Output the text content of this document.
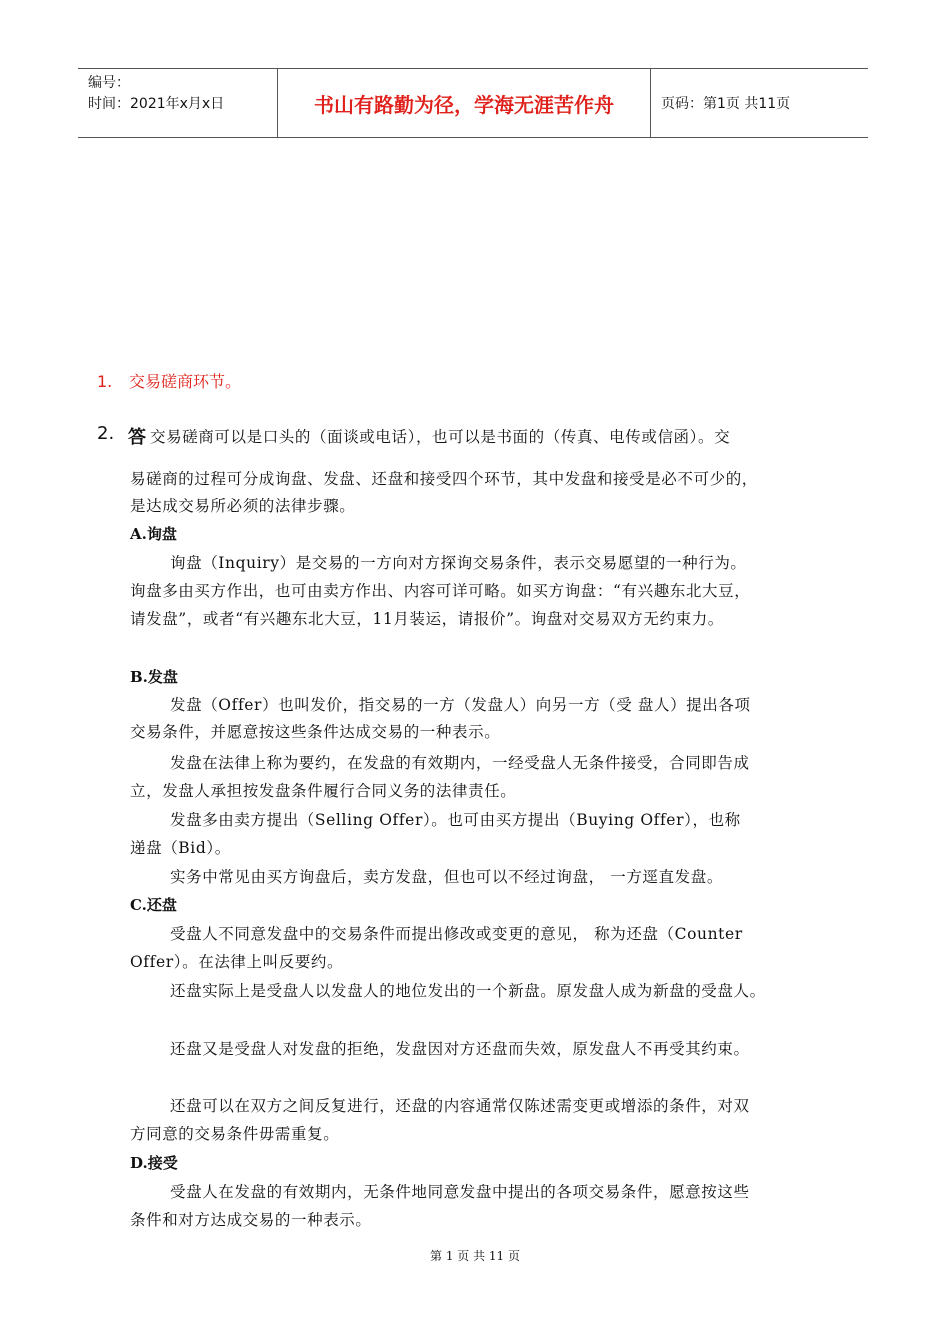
编号：
时间：2021年x月x日	书山有路勤为径，学海无涯苦作舟	页码：第1页 共11页
1. 交易磋商环节。
2. 答 交易磋商可以是口头的（面谈或电话），也可以是书面的（传真、电传或信函）。交
易磋商的过程可分成询盘、发盘、还盘和接受四个环节，其中发盘和接受是必不可少的，
是达成交易所必须的法律步骤。
A.询盘
询盘（Inquiry）是交易的一方向对方探询交易条件，表示交易愿望的一种行为。
询盘多由买方作出，也可由卖方作出、内容可详可略。如买方询盘：“有兴趣东北大豆，
请发盘”，或者“有兴趣东北大豆，11月装运，请报价”。询盘对交易双方无约束力。
B.发盘
发盘（Offer）也叫发价，指交易的一方（发盘人）向另一方（受 盘人）提出各项
交易条件，并愿意按这些条件达成交易的一种表示。
发盘在法律上称为要约，在发盘的有效期内，一经受盘人无条件接受，合同即告成
立，发盘人承担按发盘条件履行合同义务的法律责任。
发盘多由卖方提出（Selling Offer）。也可由买方提出（Buying Offer），也称
递盘（Bid）。
实务中常见由买方询盘后，卖方发盘，但也可以不经过询盘， 一方逕直发盘。
C.还盘
受盘人不同意发盘中的交易条件而提出修改或变更的意见， 称为还盘（Counter
Offer）。在法律上叫反要约。
还盘实际上是受盘人以发盘人的地位发出的一个新盘。原发盘人成为新盘的受盘人。
还盘又是受盘人对发盘的拒绝，发盘因对方还盘而失效，原发盘人不再受其约束。
还盘可以在双方之间反复进行，还盘的内容通常仅陈述需变更或增添的条件，对双
方同意的交易条件毋需重复。
D.接受
受盘人在发盘的有效期内，无条件地同意发盘中提出的各项交易条件，愿意按这些
条件和对方达成交易的一种表示。
第 1 页 共 11 页
